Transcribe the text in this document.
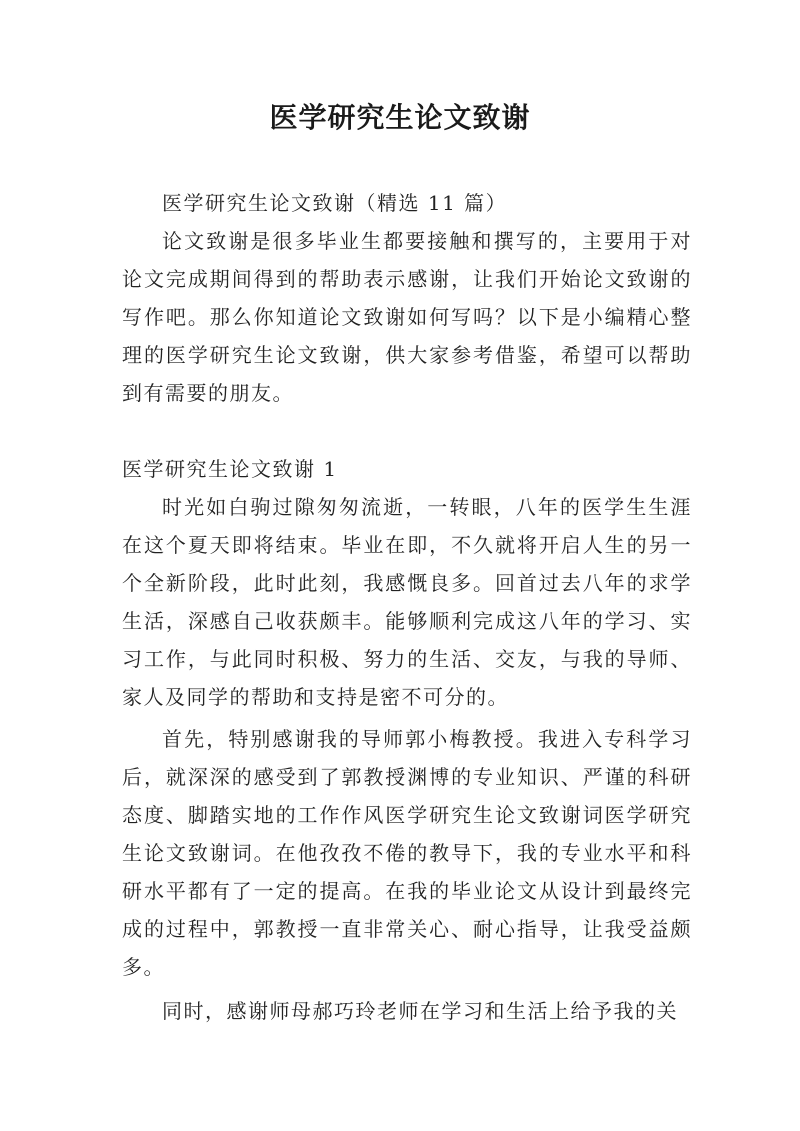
医学研究生论文致谢

医学研究生论文致谢（精选 11 篇）

论文致谢是很多毕业生都要接触和撰写的，主要用于对论文完成期间得到的帮助表示感谢，让我们开始论文致谢的写作吧。那么你知道论文致谢如何写吗？以下是小编精心整理的医学研究生论文致谢，供大家参考借鉴，希望可以帮助到有需要的朋友。

医学研究生论文致谢 1

时光如白驹过隙匆匆流逝，一转眼，八年的医学生生涯在这个夏天即将结束。毕业在即，不久就将开启人生的另一个全新阶段，此时此刻，我感慨良多。回首过去八年的求学生活，深感自己收获颇丰。能够顺利完成这八年的学习、实习工作，与此同时积极、努力的生活、交友，与我的导师、家人及同学的帮助和支持是密不可分的。

首先，特别感谢我的导师郭小梅教授。我进入专科学习后，就深深的感受到了郭教授渊博的专业知识、严谨的科研态度、脚踏实地的工作作风医学研究生论文致谢词医学研究生论文致谢词。在他孜孜不倦的教导下，我的专业水平和科研水平都有了一定的提高。在我的毕业论文从设计到最终完成的过程中，郭教授一直非常关心、耐心指导，让我受益颇多。

同时，感谢师母郝巧玲老师在学习和生活上给予我的关
